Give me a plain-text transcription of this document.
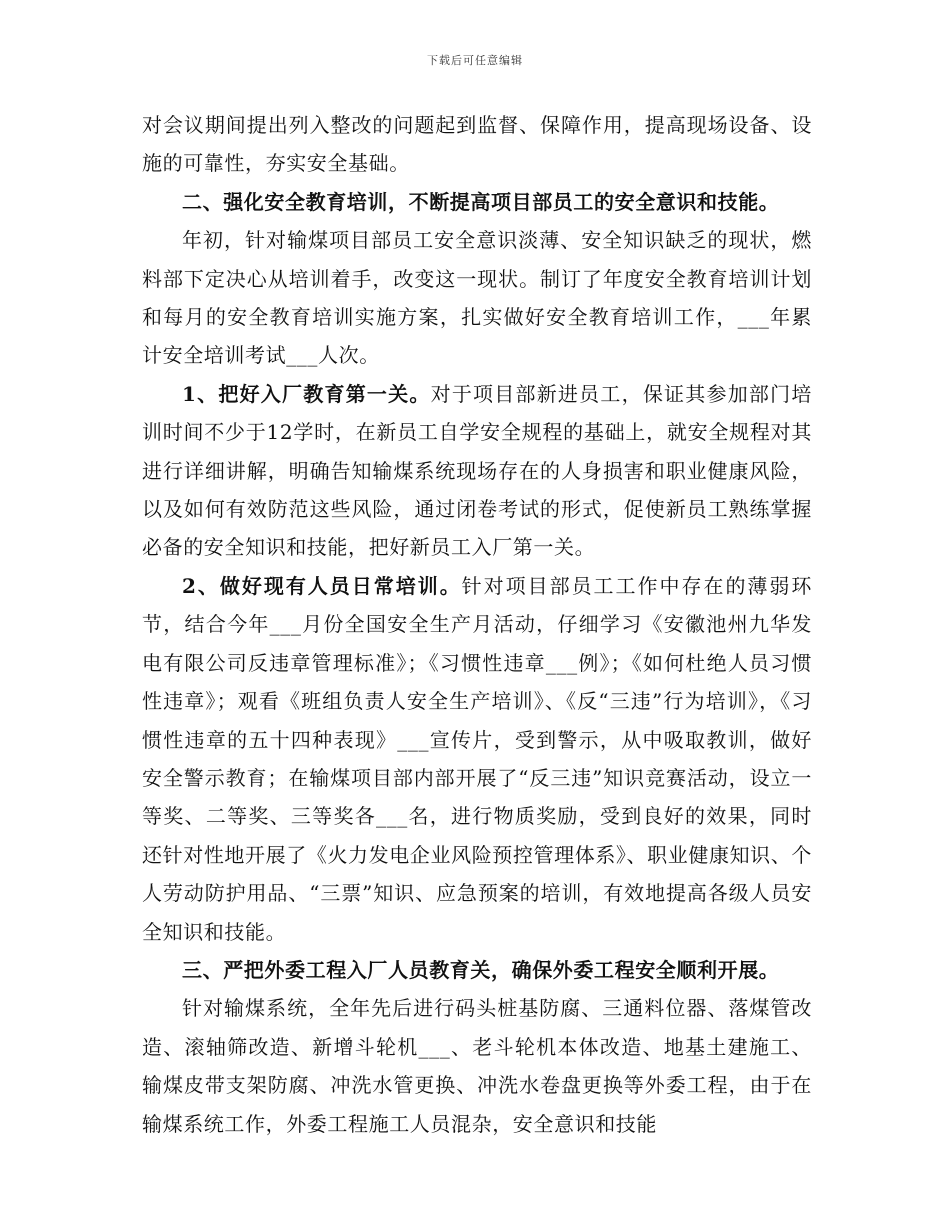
下载后可任意编辑

对会议期间提出列入整改的问题起到监督、保障作用，提高现场设备、设施的可靠性，夯实安全基础。

二、强化安全教育培训，不断提高项目部员工的安全意识和技能。

年初，针对输煤项目部员工安全意识淡薄、安全知识缺乏的现状，燃料部下定决心从培训着手，改变这一现状。制订了年度安全教育培训计划和每月的安全教育培训实施方案，扎实做好安全教育培训工作，___年累计安全培训考试___人次。

1、把好入厂教育第一关。对于项目部新进员工，保证其参加部门培训时间不少于12学时，在新员工自学安全规程的基础上，就安全规程对其进行详细讲解，明确告知输煤系统现场存在的人身损害和职业健康风险，以及如何有效防范这些风险，通过闭卷考试的形式，促使新员工熟练掌握必备的安全知识和技能，把好新员工入厂第一关。

2、做好现有人员日常培训。针对项目部员工工作中存在的薄弱环节，结合今年___月份全国安全生产月活动，仔细学习《安徽池州九华发电有限公司反违章管理标准》；《习惯性违章___例》；《如何杜绝人员习惯性违章》；观看《班组负责人安全生产培训》、《反“三违”行为培训》，《习惯性违章的五十四种表现》___宣传片，受到警示，从中吸取教训，做好安全警示教育；在输煤项目部内部开展了“反三违”知识竞赛活动，设立一等奖、二等奖、三等奖各___名，进行物质奖励，受到良好的效果，同时还针对性地开展了《火力发电企业风险预控管理体系》、职业健康知识、个人劳动防护用品、“三票”知识、应急预案的培训，有效地提高各级人员安全知识和技能。

三、严把外委工程入厂人员教育关，确保外委工程安全顺利开展。

针对输煤系统，全年先后进行码头桩基防腐、三通料位器、落煤管改造、滚轴筛改造、新增斗轮机___、老斗轮机本体改造、地基土建施工、输煤皮带支架防腐、冲洗水管更换、冲洗水卷盘更换等外委工程，由于在输煤系统工作，外委工程施工人员混杂，安全意识和技能
